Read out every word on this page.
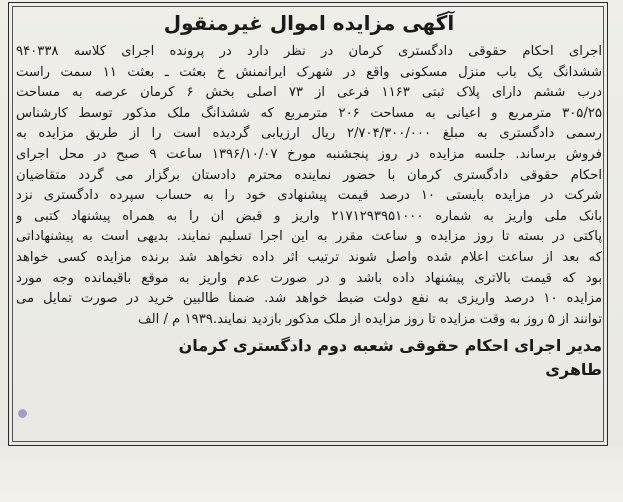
آگهی مزایده اموال غیرمنقول
اجرای احکام حقوقی دادگستری کرمان در نظر دارد در پرونده اجرای کلاسه ۹۴۰۳۳۸
ششدانگ یک باب منزل مسکونی واقع در شهرک ایرانمنش خ بعثت ـ بعثت ۱۱ سمت راست
درب ششم دارای پلاک ثبتی ۱۱۶۳ فرعی از ۷۳ اصلی بخش ۶ کرمان عرصه به مساحت
۳۰۵/۲۵ مترمربع و اعیانی به مساحت ۲۰۶ مترمربع که ششدانگ ملک مذکور توسط کارشناس
رسمی دادگستری به مبلغ ۲/۷۰۴/۳۰۰/۰۰۰ ریال ارزیابی گردیده است را از طریق مزایده به
فروش برساند. جلسه مزایده در روز پنجشنبه مورخ ۱۳۹۶/۱۰/۰۷ ساعت ۹ صبح در محل اجرای
احکام حقوقی دادگستری کرمان با حضور نماینده محترم دادستان برگزار می گردد متقاضیان
شرکت در مزایده بایستی ۱۰ درصد قیمت پیشنهادی خود را به حساب سپرده دادگستری نزد
بانک ملی واریز به شماره ۲۱۷۱۲۹۳۹۵۱۰۰۰ واریز و قبض ان را به همراه پیشنهاد کتبی و
پاکتی در بسته تا روز مزایده و ساعت مقرر به این اجرا تسلیم نمایند. بدیهی است به پیشنهاداتی
که بعد از ساعت اعلام شده واصل شوند ترتیب اثر داده نخواهد شد برنده مزایده کسی خواهد
بود که قیمت بالاتری پیشنهاد داده باشد و در صورت عدم واریز به موقع باقیمانده وجه مورد
مزایده ۱۰ درصد واریزی به نفع دولت ضبط خواهد شد. ضمنا طالبین خرید در صورت تمایل می
توانند از ۵ روز به وقت مزایده تا روز مزایده از ملک مذکور بازدید نمایند.۱۹۳۹ م / الف
مدیر اجرای احکام حقوقی شعبه دوم دادگستری کرمان
طاهری
